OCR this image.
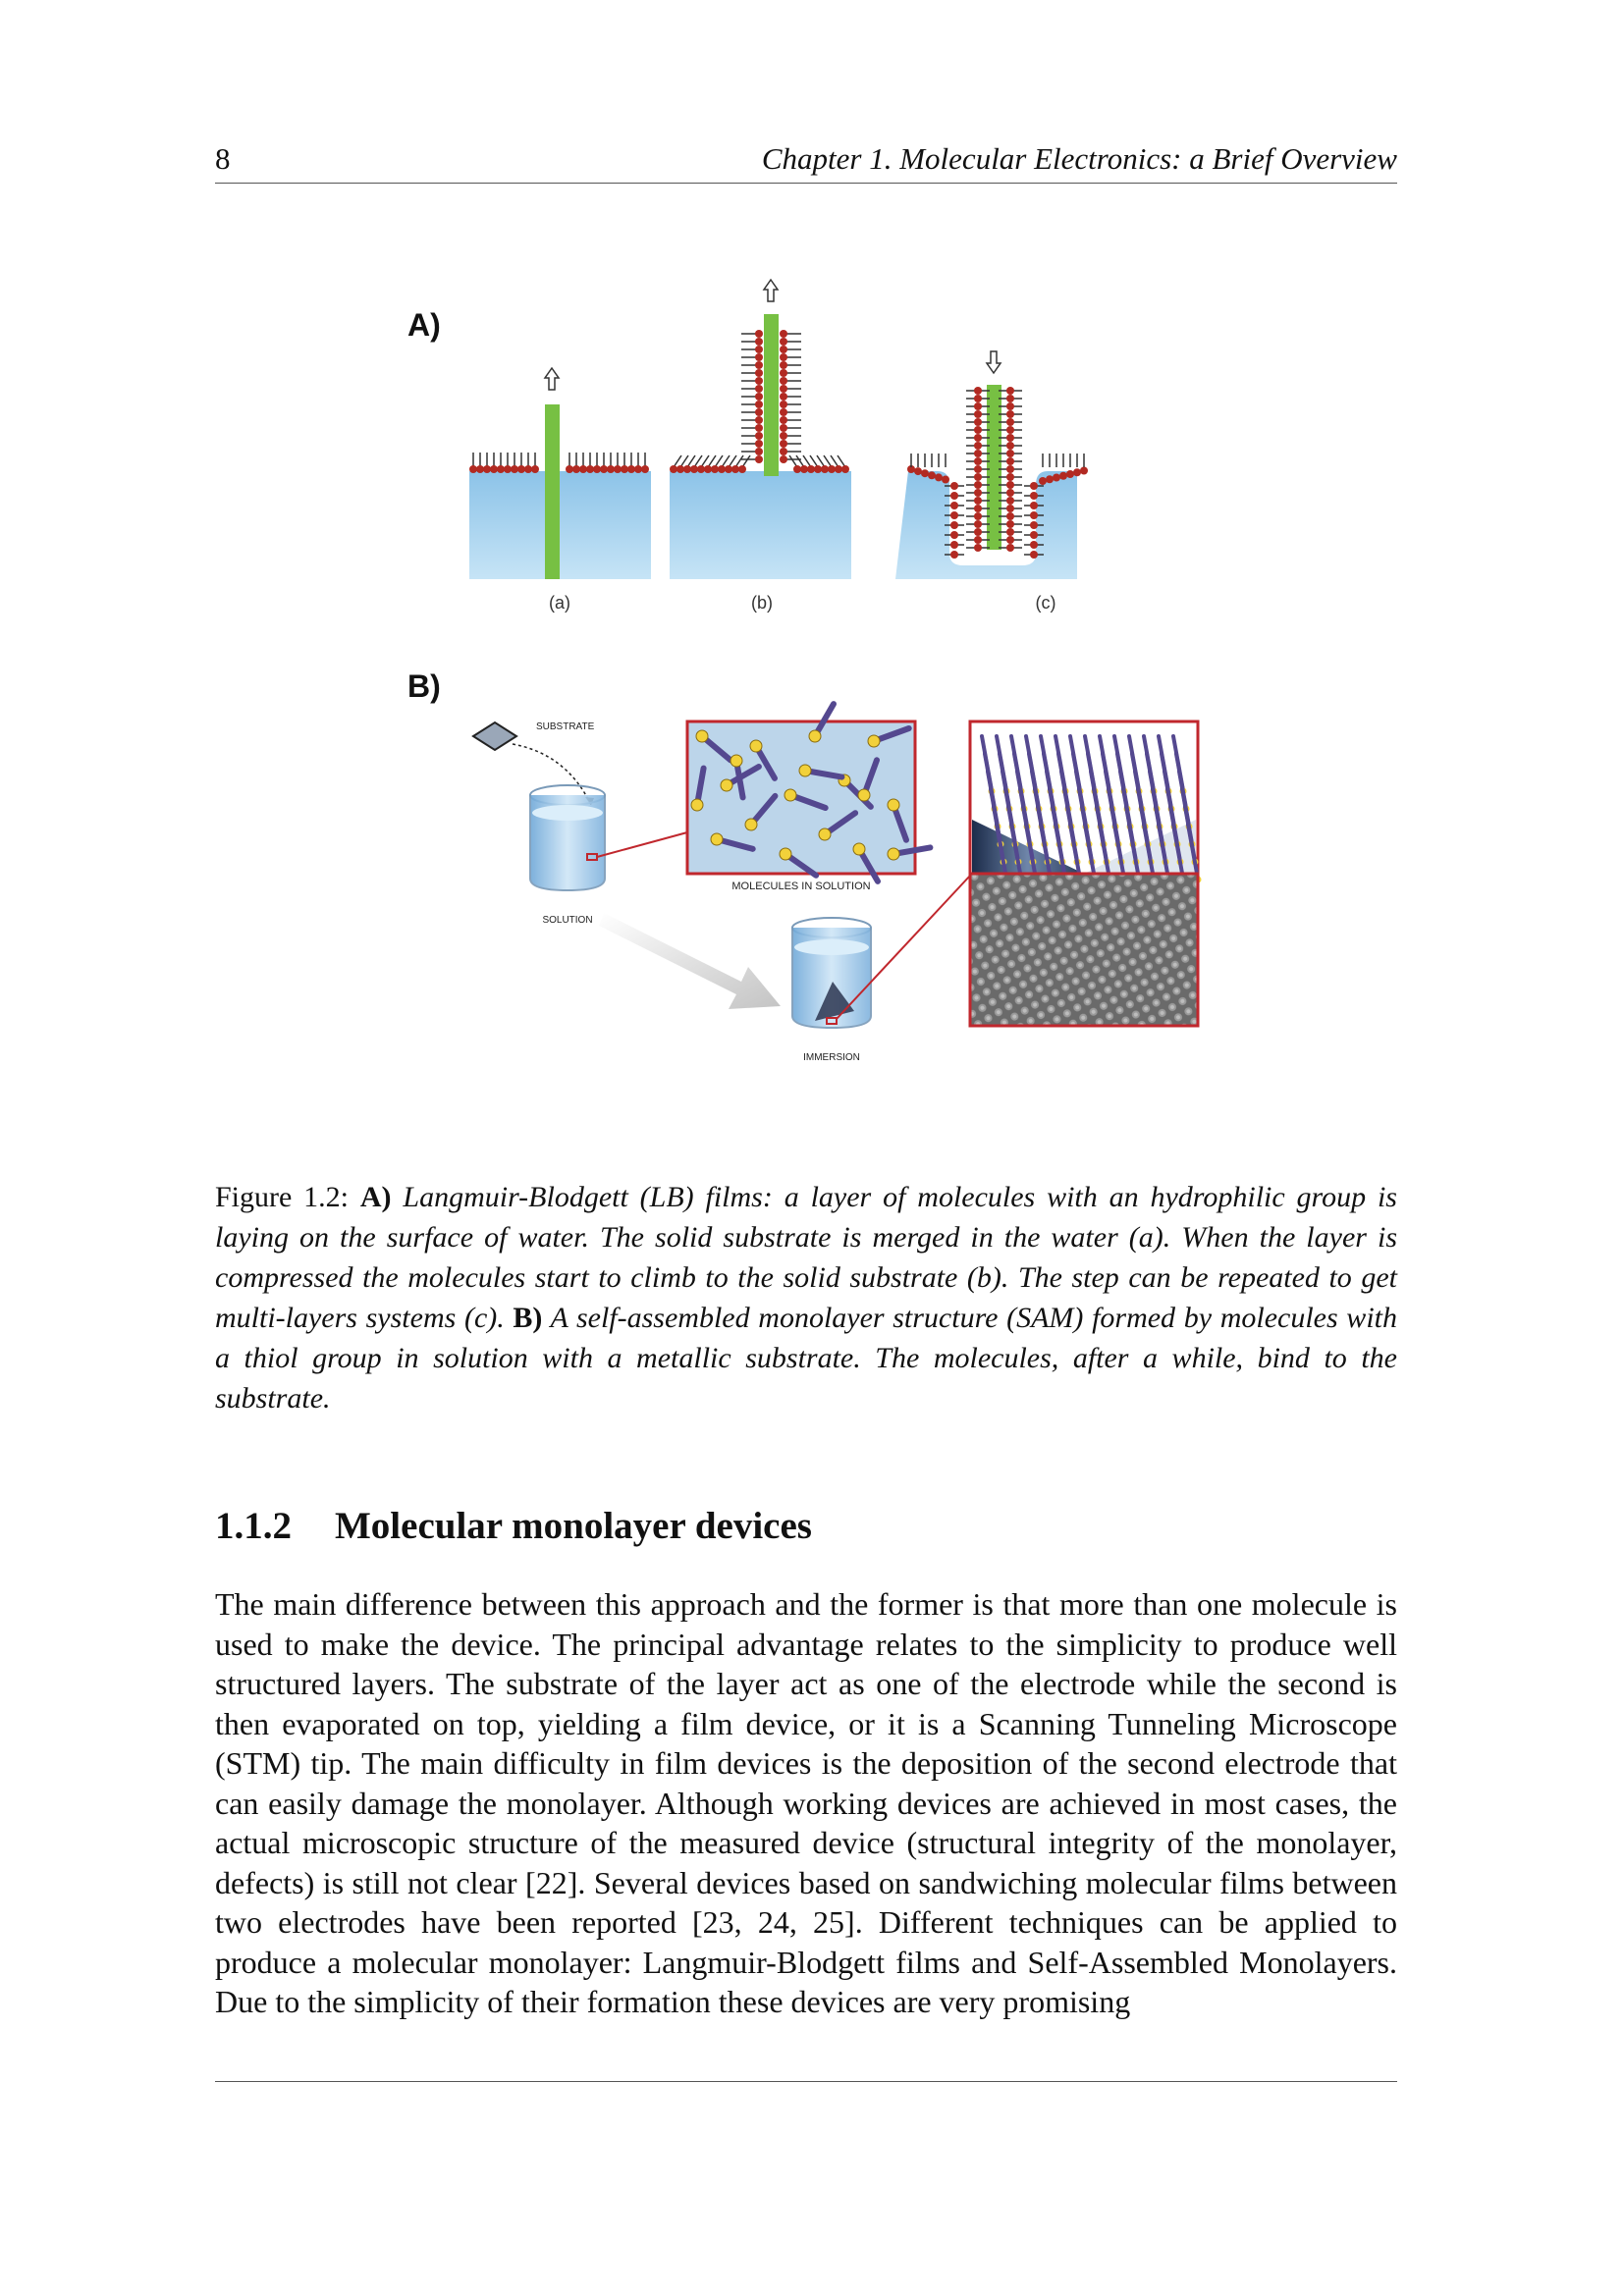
8	Chapter 1. Molecular Electronics: a Brief Overview
A)
(a)	(b)	(c)
B)
SUBSTRATE
SOLUTION
MOLECULES IN SOLUTION
IMMERSION
Figure 1.2: A) Langmuir-Blodgett (LB) films: a layer of molecules with an hydrophilic group is laying on the surface of water. The solid substrate is merged in the water (a). When the layer is compressed the molecules start to climb to the solid substrate (b). The step can be repeated to get multi-layers systems (c). B) A self-assembled monolayer structure (SAM) formed by molecules with a thiol group in solution with a metallic substrate. The molecules, after a while, bind to the substrate.
1.1.2 Molecular monolayer devices
The main difference between this approach and the former is that more than one molecule is used to make the device. The principal advantage relates to the simplicity to produce well structured layers. The substrate of the layer act as one of the electrode while the second is then evaporated on top, yielding a film device, or it is a Scanning Tunneling Microscope (STM) tip. The main difficulty in film devices is the deposition of the second electrode that can easily damage the monolayer. Although working devices are achieved in most cases, the actual microscopic structure of the measured device (structural integrity of the monolayer, defects) is still not clear [22]. Several devices based on sandwiching molecular films between two electrodes have been reported [23, 24, 25]. Different techniques can be applied to produce a molecular monolayer: Langmuir-Blodgett films and Self-Assembled Monolayers. Due to the simplicity of their formation these devices are very promising
